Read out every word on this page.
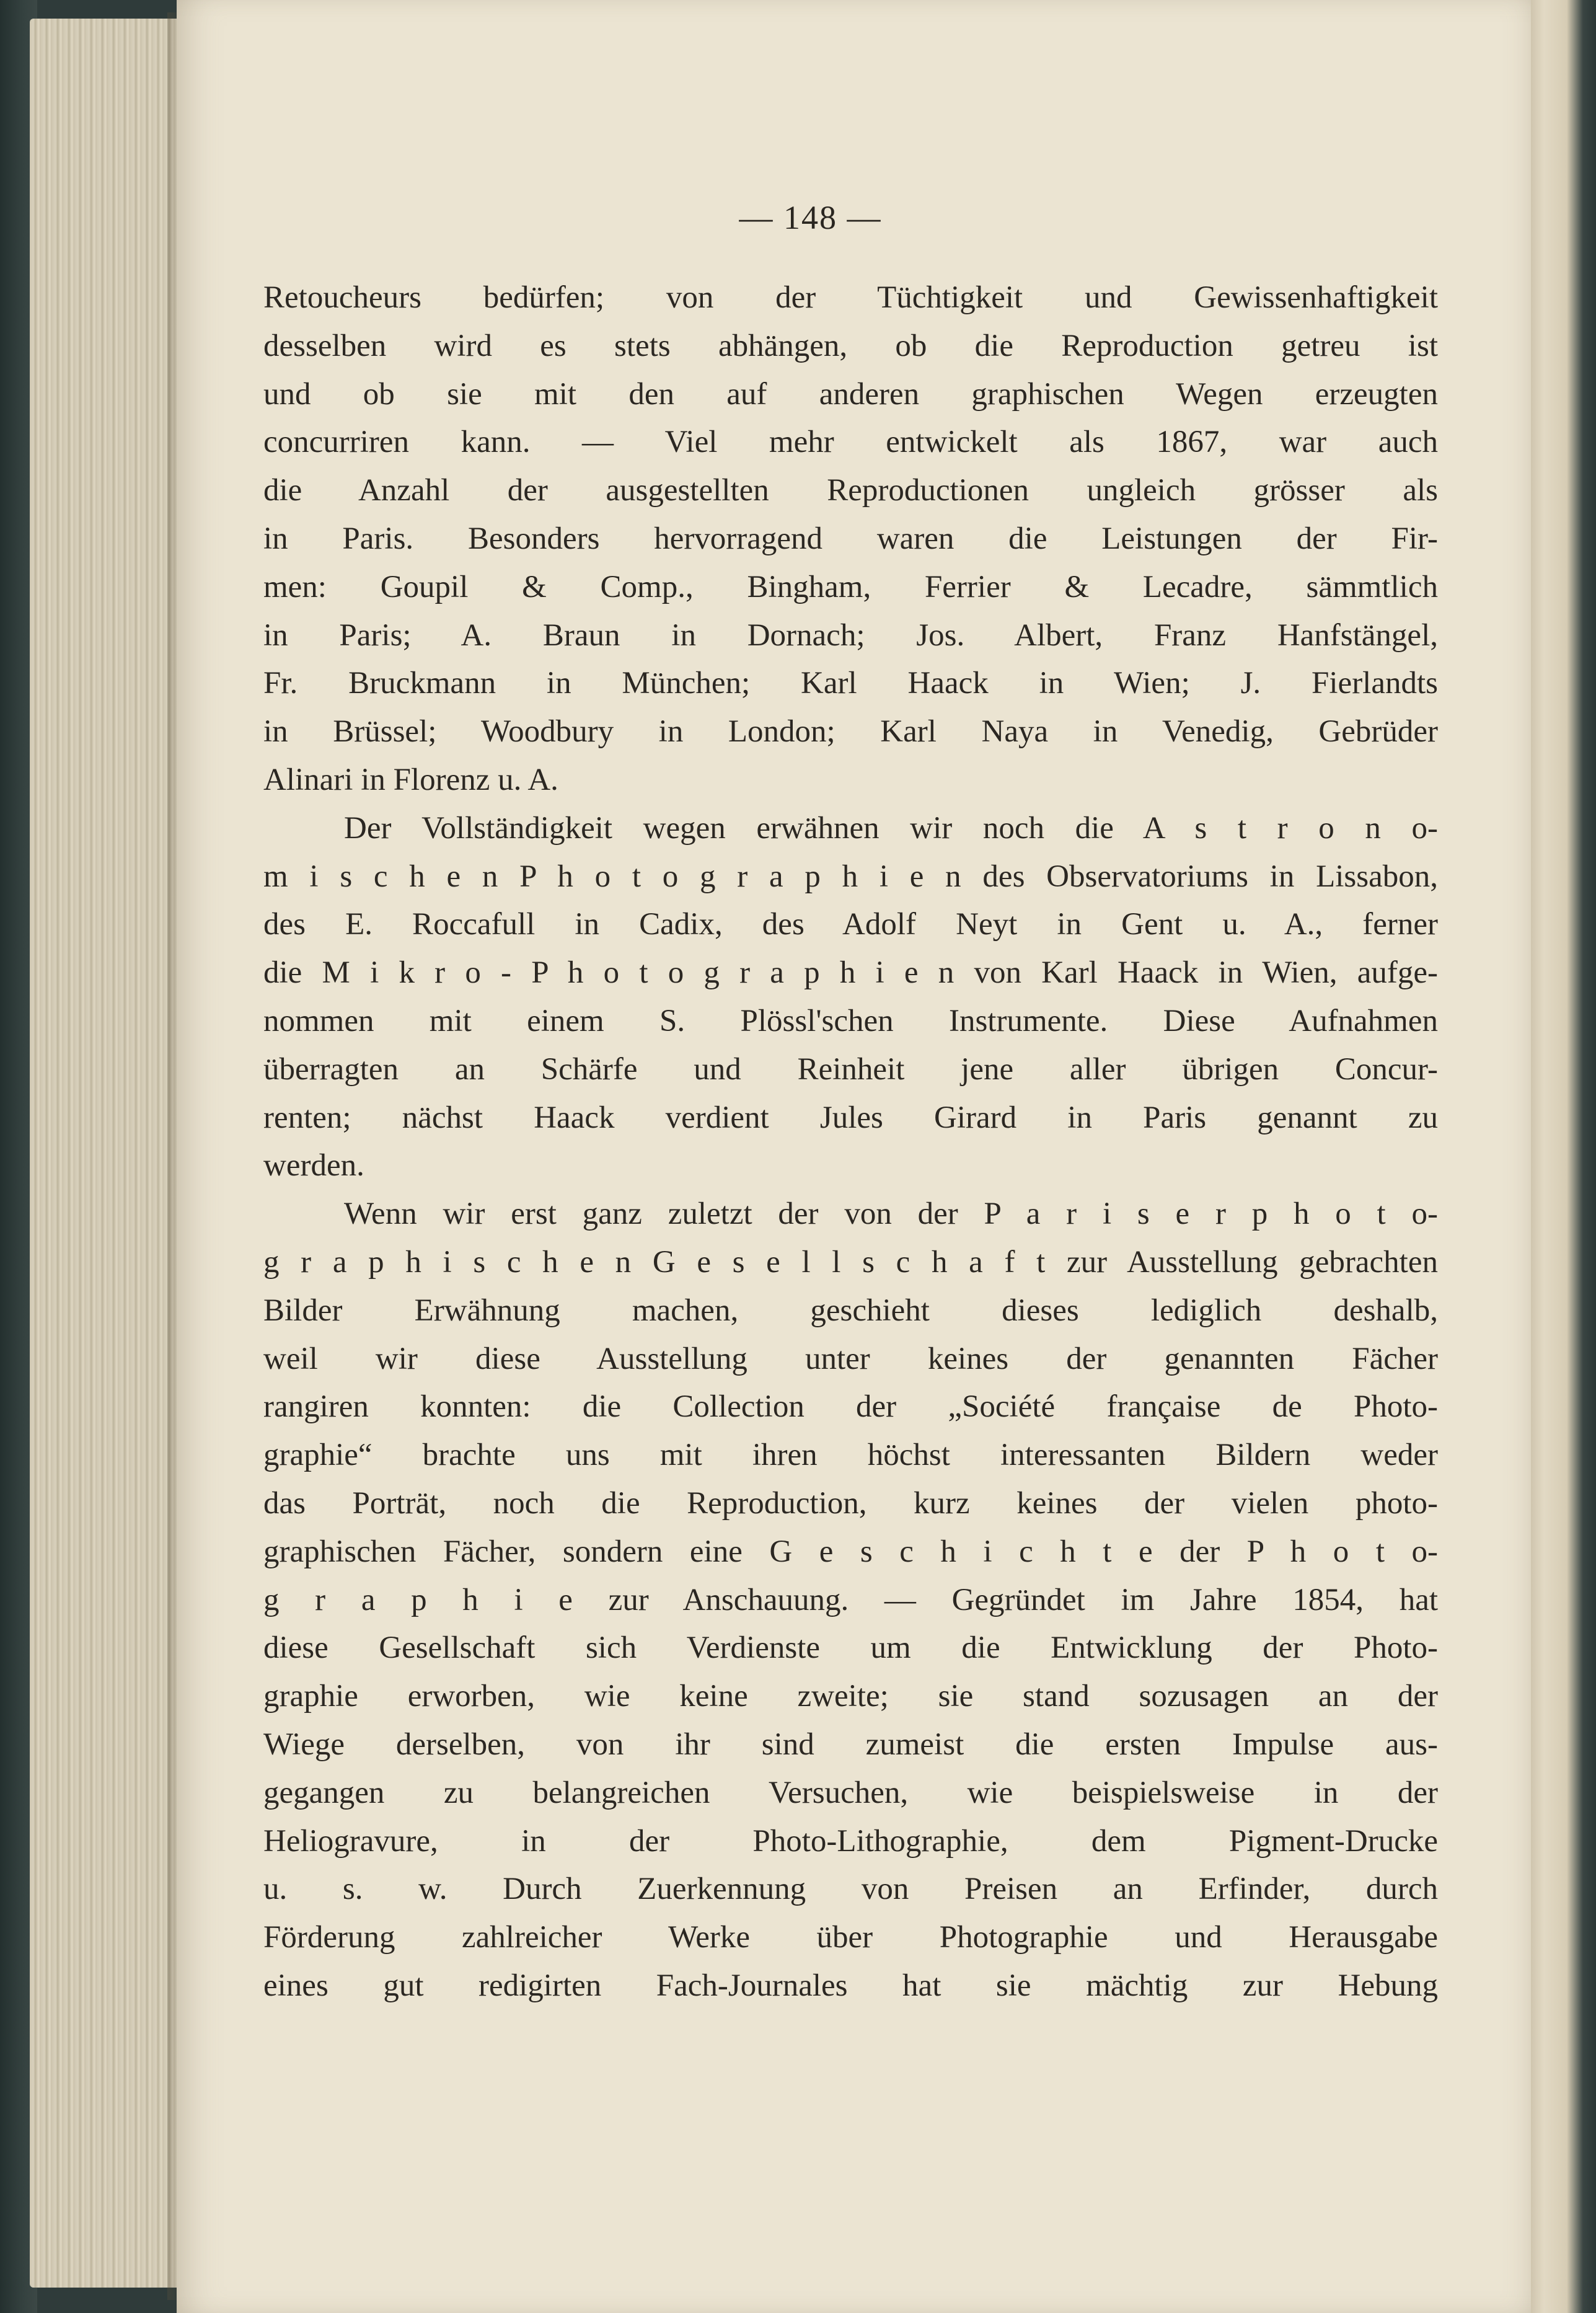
— 148 —
Retoucheurs bedürfen; von der Tüchtigkeit und Gewissenhaftigkeit
desselben wird es stets abhängen, ob die Reproduction getreu ist
und ob sie mit den auf anderen graphischen Wegen erzeugten
concurriren kann. — Viel mehr entwickelt als 1867, war auch
die Anzahl der ausgestellten Reproductionen ungleich grösser als
in Paris. Besonders hervorragend waren die Leistungen der Fir-
men: Goupil & Comp., Bingham, Ferrier & Lecadre, sämmtlich
in Paris; A. Braun in Dornach; Jos. Albert, Franz Hanfstängel,
Fr. Bruckmann in München; Karl Haack in Wien; J. Fierlandts
in Brüssel; Woodbury in London; Karl Naya in Venedig, Gebrüder
Alinari in Florenz u. A.
Der Vollständigkeit wegen erwähnen wir noch die A s t r o n o-
m i s c h e n P h o t o g r a p h i e n des Observatoriums in Lissabon,
des E. Roccafull in Cadix, des Adolf Neyt in Gent u. A., ferner
die M i k r o - P h o t o g r a p h i e n von Karl Haack in Wien, aufge-
nommen mit einem S. Plössl'schen Instrumente. Diese Aufnahmen
überragten an Schärfe und Reinheit jene aller übrigen Concur-
renten; nächst Haack verdient Jules Girard in Paris genannt zu
werden.
Wenn wir erst ganz zuletzt der von der P a r i s e r p h o t o-
g r a p h i s c h e n G e s e l l s c h a f t zur Ausstellung gebrachten
Bilder Erwähnung machen, geschieht dieses lediglich deshalb,
weil wir diese Ausstellung unter keines der genannten Fächer
rangiren konnten: die Collection der „Société française de Photo-
graphie“ brachte uns mit ihren höchst interessanten Bildern weder
das Porträt, noch die Reproduction, kurz keines der vielen photo-
graphischen Fächer, sondern eine G e s c h i c h t e der P h o t o-
g r a p h i e zur Anschauung. — Gegründet im Jahre 1854, hat
diese Gesellschaft sich Verdienste um die Entwicklung der Photo-
graphie erworben, wie keine zweite; sie stand sozusagen an der
Wiege derselben, von ihr sind zumeist die ersten Impulse aus-
gegangen zu belangreichen Versuchen, wie beispielsweise in der
Heliogravure, in der Photo-Lithographie, dem Pigment-Drucke
u. s. w. Durch Zuerkennung von Preisen an Erfinder, durch
Förderung zahlreicher Werke über Photographie und Herausgabe
eines gut redigirten Fach-Journales hat sie mächtig zur Hebung
